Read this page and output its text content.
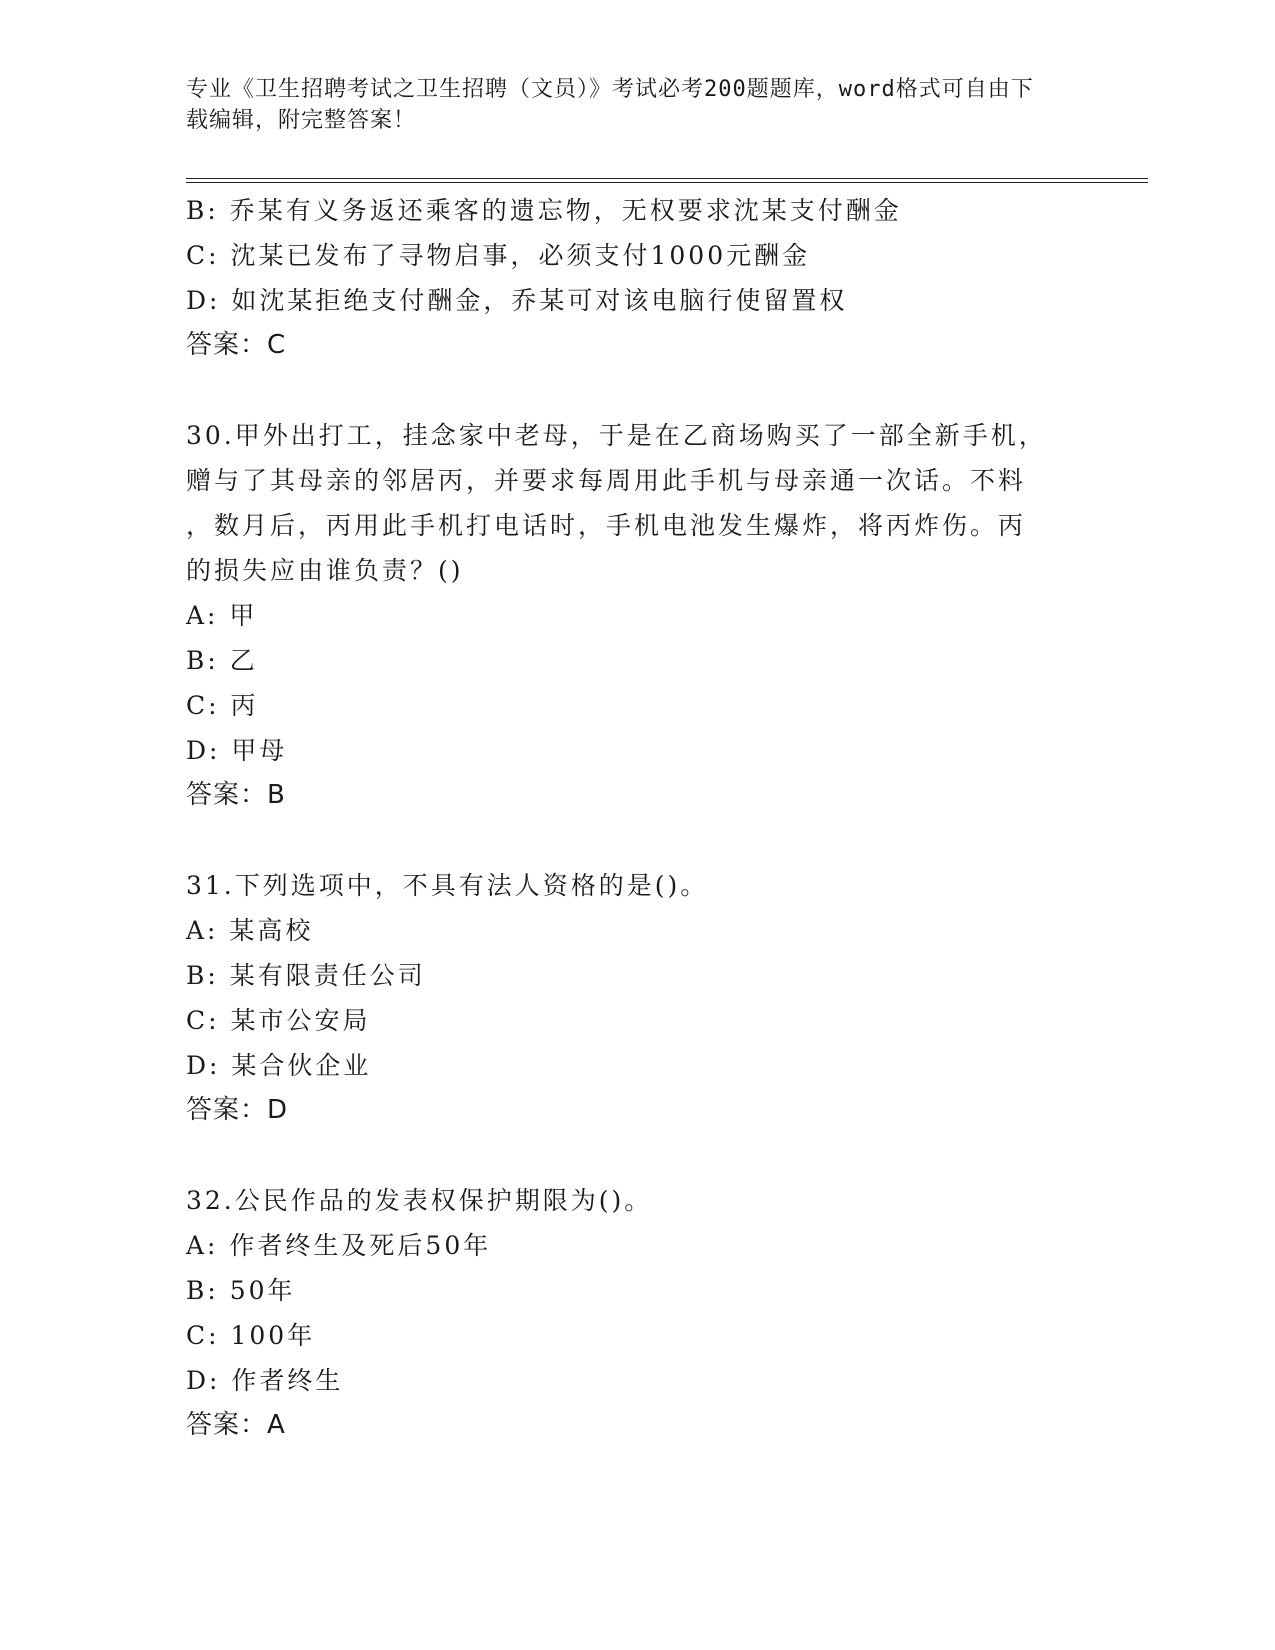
专业《卫生招聘考试之卫生招聘（文员）》考试必考200题题库，word格式可自由下载编辑，附完整答案！
B: 乔某有义务返还乘客的遗忘物，无权要求沈某支付酬金
C: 沈某已发布了寻物启事，必须支付1000元酬金
D: 如沈某拒绝支付酬金，乔某可对该电脑行使留置权
答案：C
30.甲外出打工，挂念家中老母，于是在乙商场购买了一部全新手机，
赠与了其母亲的邻居丙，并要求每周用此手机与母亲通一次话。不料
，数月后，丙用此手机打电话时，手机电池发生爆炸，将丙炸伤。丙
的损失应由谁负责？()
A: 甲
B: 乙
C: 丙
D: 甲母
答案：B
31.下列选项中，不具有法人资格的是()。
A: 某高校
B: 某有限责任公司
C: 某市公安局
D: 某合伙企业
答案：D
32.公民作品的发表权保护期限为()。
A: 作者终生及死后50年
B: 50年
C: 100年
D: 作者终生
答案：A
